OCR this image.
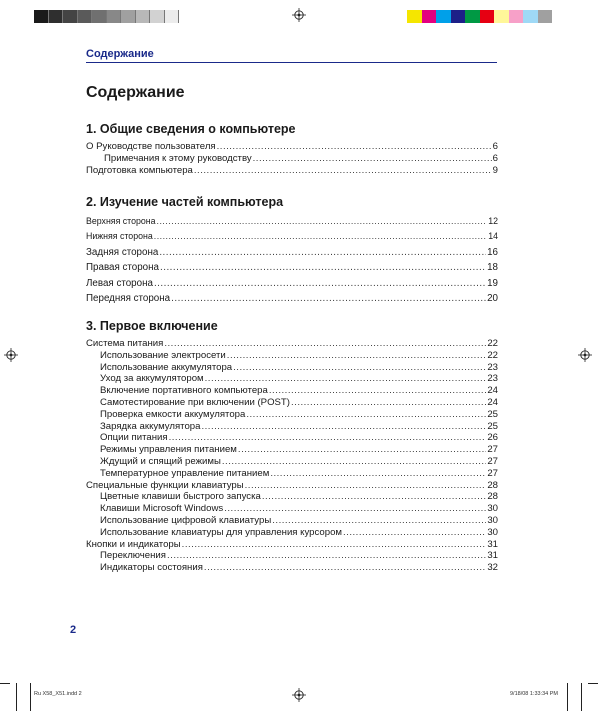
Содержание
Содержание
1. Общие сведения о компьютере
О Руководстве пользователя .....	6
Примечания к этому руководству .....	6
Подготовка компьютера .....	9
2. Изучение частей компьютера
Верхняя сторона .....	12
Нижняя сторона .....	14
Задняя сторона .....	16
Правая сторона .....	18
Левая сторона .....	19
Передняя сторона .....	20
3. Первое включение
Система питания .....	22
Использование электросети .....	22
Использование аккумулятора .....	23
Уход за аккумулятором .....	23
Включение портативного компьютера .....	24
Самотестирование при включении (POST) .....	24
Проверка емкости аккумулятора .....	25
Зарядка аккумулятора .....	25
Опции питания .....	26
Режимы управления питанием .....	27
Ждущий и спящий режимы .....	27
Температурное управление питанием .....	27
Специальные функции клавиатуры .....	28
Цветные клавиши быстрого запуска .....	28
Клавиши Microsoft Windows .....	30
Использование цифровой клавиатуры .....	30
Использование клавиатуры для управления курсором .....	30
Кнопки и индикаторы .....	31
Переключения .....	31
Индикаторы состояния .....	32
2
Ru X58_X51.indd 2	9/18/08 1:33:34 PM
